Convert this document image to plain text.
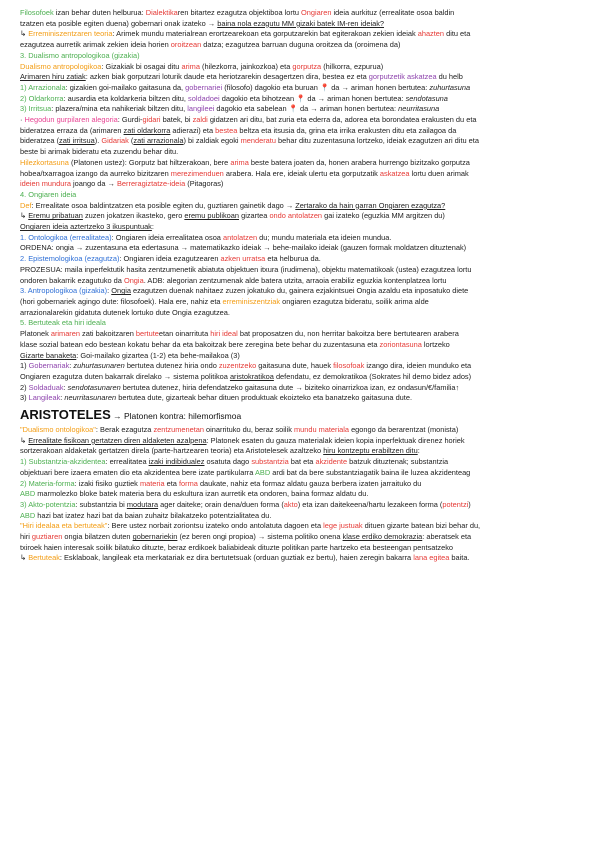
Filosofoek izan behar duten helburua: Dialektikaren bitartez ezagutza objektiboa lortu Ongiaren ideia aurkituz (errealitate osoa baldin
tzatzen eta posible egiten duena) gobernari onak izateko → baina nola ezagutu MM gizaki batek IM-ren ideiak?
↳ Erreminiszentzaren teoria: Arimek mundu materialrean erortzearekoan eta gorputzarekin bat egiterakoan zekien ideiak ahazten ditu eta
ezagutzea aurretik arimak zekien ideia horien oroitzean datza; ezagutzea barruan duguna oroitzea da (oroimena da)
3. Dualismo antropologikoa (gizakia)
Dualismo antropologikoa: Gizakiak bi osagai ditu arima (hilezkorra, jainkozkoa) eta gorputza (hilkorra, ezpurua)
Arimaren hiru zatiak: azken biak gorputzari loturik daude eta heriotzarekin desagertzen dira, bestea ez eta gorputzetik askatzea du helb
1) Arrazionala: gizakien goi-mailako gaitasuna da, gobernariei (filosofo) dagokio eta buruan 📍 da → ariman honen bertutea: zuhurtasuna
2) Oldarkorra: ausardia eta koldarkeria biltzen ditu, soldadoei dagokio eta bihotzean 📍 da → ariman honen bertutea: sendotasuna
3) Irritsua: plazera/mina eta nahikeriak biltzen ditu, langileei dagokio eta sabelean 📍 da → ariman honen bertutea: neurritasuna
· Hegodun gurpilaren alegoria: Gurdi-gidari batek, bi zaldi gidatzen ari ditu, bat zuria eta ederra da, adorea eta borondatea erakusten du eta
bideratzea erraza da (arimaren zati oldarkorra adierazi) eta bestea beltza eta itsusia da, grina eta irrika erakusten ditu eta zailagoa da
bideratzea (zati irritsua). Gidariak (zati arrazionala) bi zaldiak egoki menderatu behar ditu zuzentasuna lortzeko, ideiak ezagutzen ari ditu eta
beste bi arimak bideratu eta zuzendu behar ditu.
Hilezkortasuna (Platonen ustez): Gorputz bat hiltzerakoan, bere arima beste batera joaten da, honen arabera hurrengo bizitzako gorputza
hobea/txarragoa izango da aurreko bizitzaren merezimenduen arabera. Hala ere, ideiak ulertu eta gorputzatik askatzea lortu duen arimak
ideien mundura joango da → Berreragiztatze-ideia (Pitagoras)
4. Ongiaren ideia
Def: Errealitate osoa baldintzatzen eta posible egiten du, guztiaren gainetik dago → Zertarako da hain garran Ongiaren ezagutza?
↳ Eremu pribatuan zuzen jokatzen ikasteko, gero eremu publikoan gizartea ondo antolatzen gai izateko (eguzkia MM argitzen du)
Ongiaren ideia aztertzeko 3 ikuspuntuak:
1. Ontologikoa (errealitatea): Ongiaren ideia errealitatea osoa antolatzen du; mundu materiala eta ideien mundua.
ORDENA: ongia → zuzentasuna eta edertasuna → matematikazko ideiak → behe-mailako ideiak (gauzen formak moldatzen dituztenak)
2. Epistemologikoa (ezagutza): Ongiaren ideia ezagutzearen azken urratsa eta helburua da.
PROZESUA: maila inperfektutik hasita zentzumenetik abiatuta objektuen itxura (irudimena), objektu matematikoak (ustea) ezagutzea lortu
ondoren bakarrik ezagutuko da Ongia. ADB: alegorian zentzumenak alde batera utzita, arraoia erabiliz eguzkia kontenplatzea lortu
3. Antropologikoa (gizakia): Ongia ezagutzen duenak nahitaez zuzen jokatuko du, gainera ezjakintsuei Ongia azaldu eta inposatuko diete
(hori gobernariek agingo dute: filosofoek). Hala ere, nahiz eta erreminiszentziak ongiaren ezagutza bideratu, soilik arima alde
arrazionalarekin gidatuta dutenek lortuko dute Ongia ezagutzea.
5. Bertuteak eta hiri ideala
Platonek arimaren zati bakoitzaren bertuteetan oinarrituta hiri ideal bat proposatzen du, non herritar bakoitza bere bertutearen arabera
klase sozial batean edo bestean kokatu behar da eta bakoitzak bere zeregina bete behar du zuzentasuna eta zoriontasuna lortzeko
Gizarte banaketa: Goi-mailako gizartea (1-2) eta behe-mailakoa (3)
1) Gobernariak: zuhurtasunaren bertutea dutenez hiria ondo zuzentzeko gaitasuna dute, hauek filosofoak izango dira, ideien munduko eta
Ongiaren ezagutza duten bakarrak direlako → sistema politikoa aristokratikoa defendatu, ez demokratikoa (Sokrates hil demo bidez ados)
2) Soldaduak: sendotasunaren bertutea dutenez, hiria defendatzeko gaitasuna dute → biziteko oinarrizkoa izan, ez ondasun/€/familia↑
3) Langileak: neurritasunaren bertutea dute, gizarteak behar dituen produktuak ekoizteko eta banatzeko gaitasuna dute.
ARISTOTELES → Platonen kontra: hilemorfismoa
"Dualismo ontologikoa": Berak ezagutza zentzumenetan oinarrituko du, beraz soilik mundu materiala egongo da berarentzat (monista)
↳ Errealitate fisikoan gertatzen diren aldaketen azalpena: Platonek esaten du gauza materialak ideien kopia inperfektuak direnez horiek
sortzerakoan aldaketak gertatzen direla (parte-hartzearen teoria) eta Aristotelesek azaltzeko hiru kontzeptu erabiltzen ditu:
1) Substantzia-akzidentea: errealitatea izaki indibidualez osatuta dago substantzia bat eta akzidente batzuk dituztenak; substantzia
objektuari bere izaera ematen dio eta akzidentea bere izate partikularra ABD ardi bat da bere substantziagatik baina ile luzea akzidenteag
2) Materia-forma: izaki fisiko guztiek materia eta forma daukate, nahiz eta formaz aldatu gauza berbera izaten jarraituko du
ABD marmolezko bloke batek materia bera du eskultura izan aurretik eta ondoren, baina formaz aldatu du.
3) Akto-potentzia: substantzia bi modutara ager daiteke; orain dena/duen forma (akto) eta izan daitekeena/hartu lezakeen forma (potentzi)
ABD hazi bat izatez hazi bat da baian zuhaitz bilakatzeko potentzialitatea du.
"Hiri idealaa eta bertuteak": Bere ustez norbait zoriontsu izateko ondo antolatuta dagoen eta lege justuak dituen gizarte batean bizi behar du,
hiri guztiaren ongia bilatzen duten gobernariekin (ez beren ongi propioa) → sistema politiko onena klase erdiko demokrazia: aberatsek eta
txiroek haien interesak soilik bilatuko dituzte, beraz erdikoek baliabideak dituzte politikan parte hartzeko eta besteengan pentsatzeko
↳ Bertuteak: Esklaboak, langileak eta merkatariak ez dira bertutetsuak (orduan guztiak ez bertu), haien zeregin bakarra lana egitea baita.
